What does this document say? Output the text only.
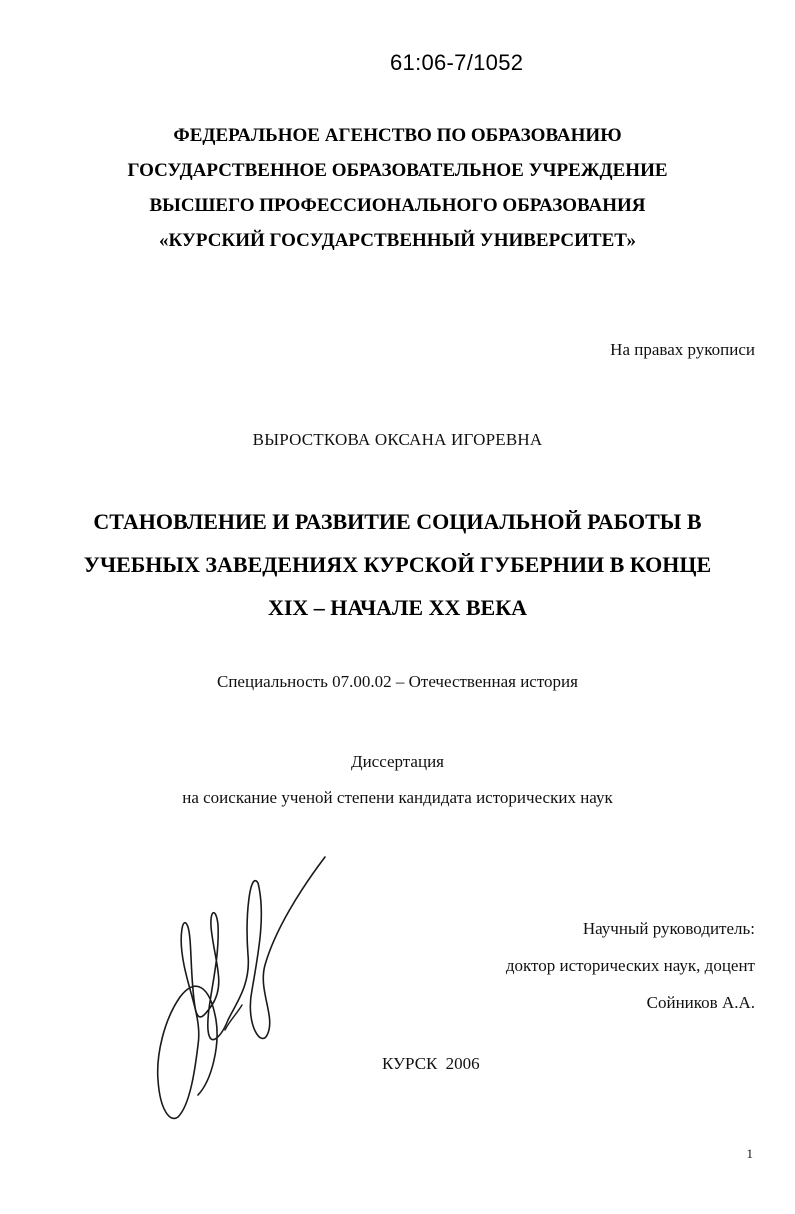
61:06-7/1052
ФЕДЕРАЛЬНОЕ АГЕНСТВО ПО ОБРАЗОВАНИЮ
ГОСУДАРСТВЕННОЕ ОБРАЗОВАТЕЛЬНОЕ УЧРЕЖДЕНИЕ
ВЫСШЕГО ПРОФЕССИОНАЛЬНОГО ОБРАЗОВАНИЯ
«КУРСКИЙ ГОСУДАРСТВЕННЫЙ УНИВЕРСИТЕТ»
На правах рукописи
ВЫРОСТКОВА ОКСАНА ИГОРЕВНА
СТАНОВЛЕНИЕ И РАЗВИТИЕ СОЦИАЛЬНОЙ РАБОТЫ В
УЧЕБНЫХ ЗАВЕДЕНИЯХ КУРСКОЙ ГУБЕРНИИ В КОНЦЕ
XIX – НАЧАЛЕ XX ВЕКА
Специальность 07.00.02 – Отечественная история
Диссертация
на соискание ученой степени кандидата исторических наук
Научный руководитель:
доктор исторических наук, доцент
Сойников А.А.
КУРСК 2006
1
